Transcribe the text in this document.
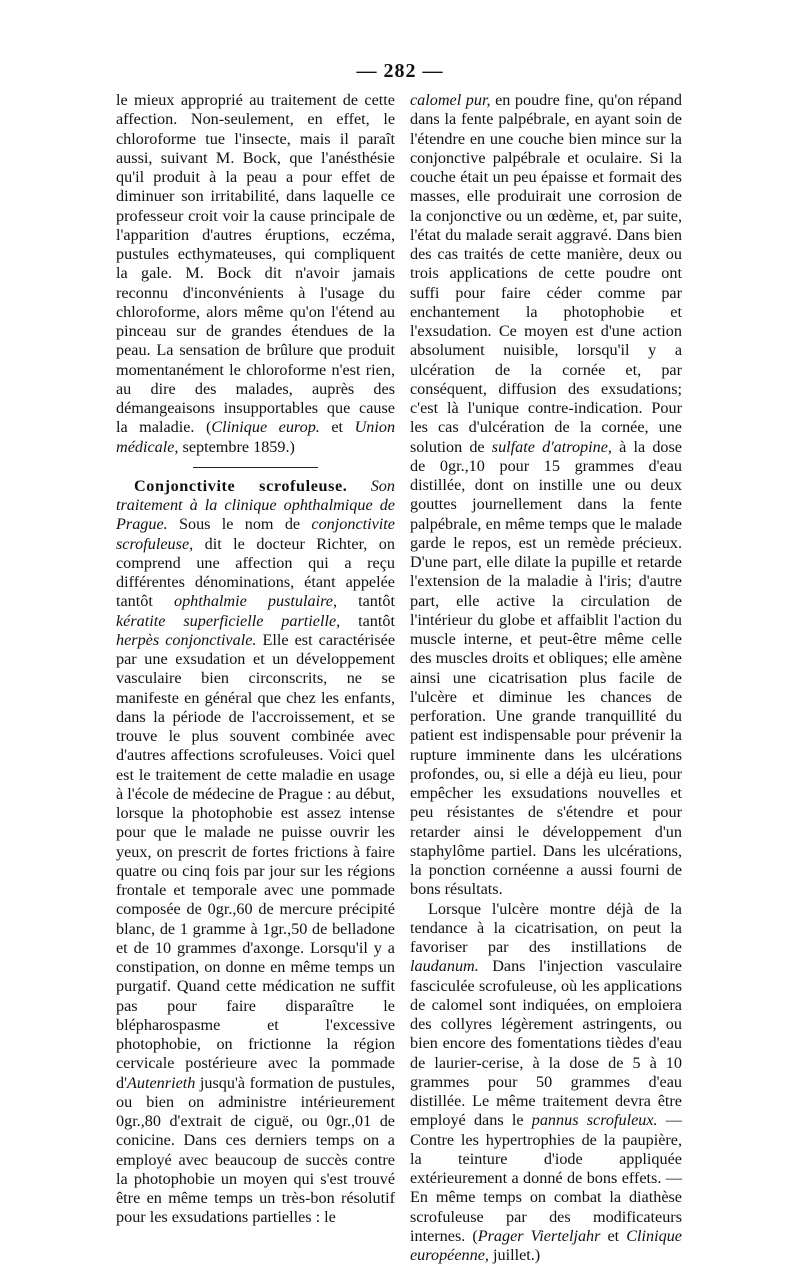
— 282 —

le mieux approprié au traitement de cette affection. Non-seulement, en effet, le chloroforme tue l'insecte, mais il paraît aussi, suivant M. Bock, que l'anésthésie qu'il produit à la peau a pour effet de diminuer son irritabilité, dans laquelle ce professeur croit voir la cause principale de l'apparition d'autres éruptions, eczéma, pustules ecthymateuses, qui compliquent la gale. M. Bock dit n'avoir jamais reconnu d'inconvénients à l'usage du chloroforme, alors même qu'on l'étend au pinceau sur de grandes étendues de la peau. La sensation de brûlure que produit momentanément le chloroforme n'est rien, au dire des malades, auprès des démangeaisons insupportables que cause la maladie. (Clinique europ. et Union médicale, septembre 1859.)

Conjonctivite scrofuleuse. Son traitement à la clinique ophthalmique de Prague. Sous le nom de conjonctivite scrofuleuse, dit le docteur Richter, on comprend une affection qui a reçu différentes dénominations, étant appelée tantôt ophthalmie pustulaire, tantôt kératite superficielle partielle, tantôt herpès conjonctivale. Elle est caractérisée par une exsudation et un développement vasculaire bien circonscrits, ne se manifeste en général que chez les enfants, dans la période de l'accroissement, et se trouve le plus souvent combinée avec d'autres affections scrofuleuses. Voici quel est le traitement de cette maladie en usage à l'école de médecine de Prague : au début, lorsque la photophobie est assez intense pour que le malade ne puisse ouvrir les yeux, on prescrit de fortes frictions à faire quatre ou cinq fois par jour sur les régions frontale et temporale avec une pommade composée de 0gr.,60 de mercure précipité blanc, de 1 gramme à 1gr.,50 de belladone et de 10 grammes d'axonge. Lorsqu'il y a constipation, on donne en même temps un purgatif. Quand cette médication ne suffit pas pour faire disparaître le blépharospasme et l'excessive photophobie, on frictionne la région cervicale postérieure avec la pommade d'Autenrieth jusqu'à formation de pustules, ou bien on administre intérieurement 0gr.,80 d'extrait de ciguë, ou 0gr.,01 de conicine. Dans ces derniers temps on a employé avec beaucoup de succès contre la photophobie un moyen qui s'est trouvé être en même temps un très-bon résolutif pour les exsudations partielles : le

calomel pur, en poudre fine, qu'on répand dans la fente palpébrale, en ayant soin de l'étendre en une couche bien mince sur la conjonctive palpébrale et oculaire. Si la couche était un peu épaisse et formait des masses, elle produirait une corrosion de la conjonctive ou un œdème, et, par suite, l'état du malade serait aggravé. Dans bien des cas traités de cette manière, deux ou trois applications de cette poudre ont suffi pour faire céder comme par enchantement la photophobie et l'exsudation. Ce moyen est d'une action absolument nuisible, lorsqu'il y a ulcération de la cornée et, par conséquent, diffusion des exsudations; c'est là l'unique contre-indication. Pour les cas d'ulcération de la cornée, une solution de sulfate d'atropine, à la dose de 0gr.,10 pour 15 grammes d'eau distillée, dont on instille une ou deux gouttes journellement dans la fente palpébrale, en même temps que le malade garde le repos, est un remède précieux. D'une part, elle dilate la pupille et retarde l'extension de la maladie à l'iris; d'autre part, elle active la circulation de l'intérieur du globe et affaiblit l'action du muscle interne, et peut-être même celle des muscles droits et obliques; elle amène ainsi une cicatrisation plus facile de l'ulcère et diminue les chances de perforation. Une grande tranquillité du patient est indispensable pour prévenir la rupture imminente dans les ulcérations profondes, ou, si elle a déjà eu lieu, pour empêcher les exsudations nouvelles et peu résistantes de s'étendre et pour retarder ainsi le développement d'un staphylôme partiel. Dans les ulcérations, la ponction cornéenne a aussi fourni de bons résultats.

Lorsque l'ulcère montre déjà de la tendance à la cicatrisation, on peut la favoriser par des instillations de laudanum. Dans l'injection vasculaire fasciculée scrofuleuse, où les applications de calomel sont indiquées, on emploiera des collyres légèrement astringents, ou bien encore des fomentations tièdes d'eau de laurier-cerise, à la dose de 5 à 10 grammes pour 50 grammes d'eau distillée. Le même traitement devra être employé dans le pannus scrofuleux. — Contre les hypertrophies de la paupière, la teinture d'iode appliquée extérieurement a donné de bons effets. — En même temps on combat la diathèse scrofuleuse par des modificateurs internes. (Prager Vierteljahr et Clinique européenne, juillet.)
